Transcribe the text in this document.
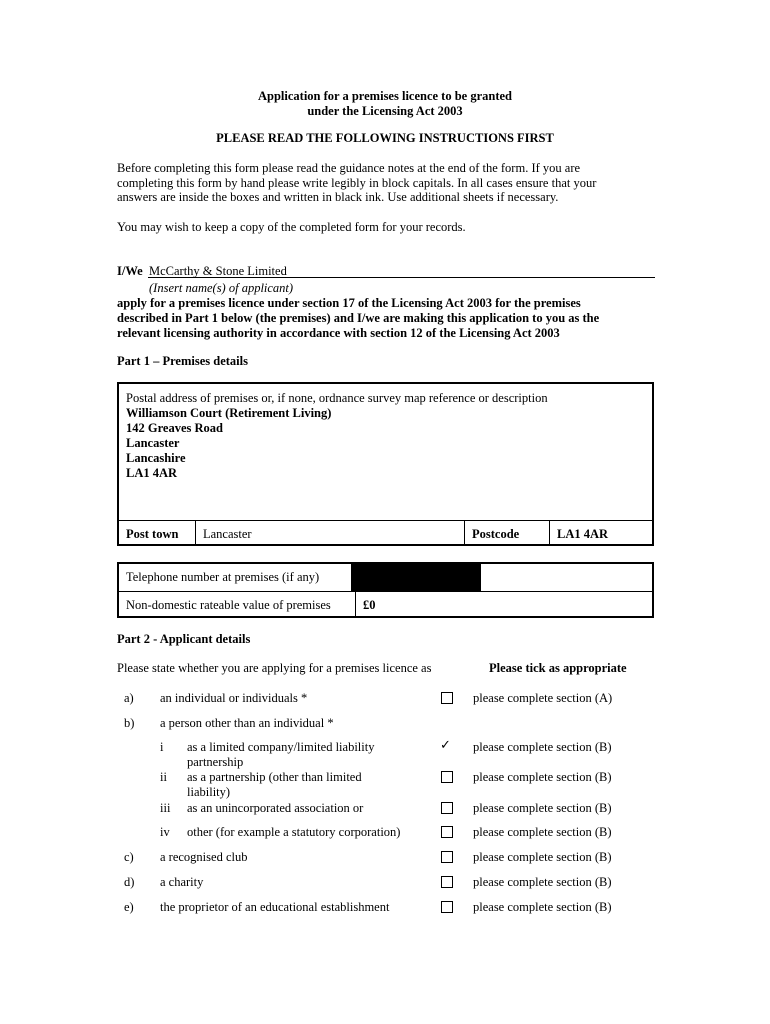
Application for a premises licence to be granted
under the Licensing Act 2003
PLEASE READ THE FOLLOWING INSTRUCTIONS FIRST
Before completing this form please read the guidance notes at the end of the form. If you are
completing this form by hand please write legibly in block capitals. In all cases ensure that your
answers are inside the boxes and written in black ink. Use additional sheets if necessary.
You may wish to keep a copy of the completed form for your records.
I/We McCarthy & Stone Limited
(Insert name(s) of applicant)
apply for a premises licence under section 17 of the Licensing Act 2003 for the premises
described in Part 1 below (the premises) and I/we are making this application to you as the
relevant licensing authority in accordance with section 12 of the Licensing Act 2003
Part 1 – Premises details
Postal address of premises or, if none, ordnance survey map reference or description
Williamson Court (Retirement Living)
142 Greaves Road
Lancaster
Lancashire
LA1 4AR
Post town Lancaster	Postcode	LA1 4AR
Telephone number at premises (if any)
Non-domestic rateable value of premises	£0
Part 2 - Applicant details
Please state whether you are applying for a premises licence as	Please tick as appropriate
a) an individual or individuals *	please complete section (A)
b) a person other than an individual *
i as a limited company/limited liability
partnership
✓ please complete section (B)
ii as a partnership (other than limited
liability)
please complete section (B)
iii as an unincorporated association or	please complete section (B)
iv other (for example a statutory corporation)	please complete section (B)
c) a recognised club	please complete section (B)
d) a charity	please complete section (B)
e) the proprietor of an educational establishment	please complete section (B)
